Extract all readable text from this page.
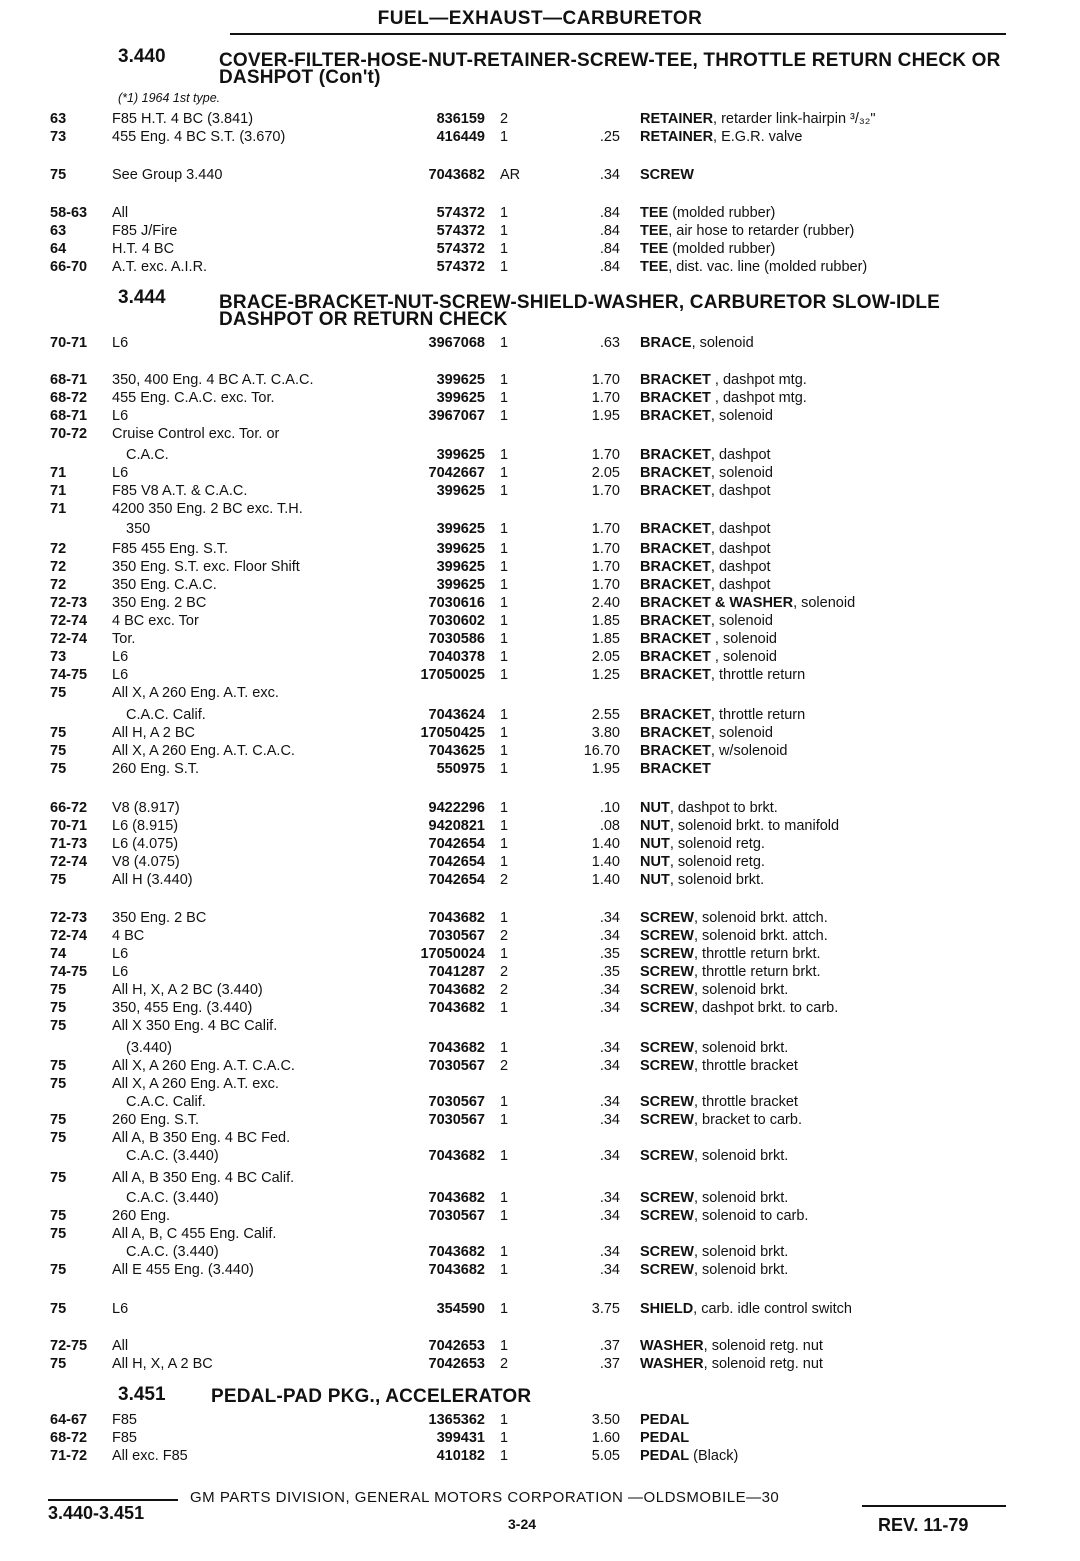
FUEL—EXHAUST—CARBURETOR
3.440	COVER-FILTER-HOSE-NUT-RETAINER-SCREW-TEE, THROTTLE RETURN CHECK OR DASHPOT (Con't)
(*1) 1964 1st type.
3.444	BRACE-BRACKET-NUT-SCREW-SHIELD-WASHER, CARBURETOR SLOW-IDLE DASHPOT OR RETURN CHECK
3.451 PEDAL-PAD PKG., ACCELERATOR
63	F85 H.T. 4 BC (3.841)	836159 2	RETAINER, retarder link-hairpin ³/₃₂"
73	455 Eng. 4 BC S.T. (3.670)	416449 1	.25 RETAINER, E.G.R. valve
75	See Group 3.440	7043682 AR	.34 SCREW
58-63	All	574372 1	.84 TEE (molded rubber)
63	F85 J/Fire	574372 1	.84 TEE, air hose to retarder (rubber)
64	H.T. 4 BC	574372 1	.84 TEE (molded rubber)
66-70	A.T. exc. A.I.R.	574372 1	.84 TEE, dist. vac. line (molded rubber)
70-71	L6	3967068 1	.63 BRACE, solenoid
68-71	350, 400 Eng. 4 BC A.T. C.A.C.	399625 1	1.70 BRACKET , dashpot mtg.
68-72	455 Eng. C.A.C. exc. Tor.	399625 1	1.70 BRACKET , dashpot mtg.
68-71	L6	3967067 1	1.95 BRACKET, solenoid
70-72	Cruise Control exc. Tor. or
C.A.C.	399625 1	1.70 BRACKET, dashpot
71	L6	7042667 1	2.05 BRACKET, solenoid
71	F85 V8 A.T. & C.A.C.	399625 1	1.70 BRACKET, dashpot
71	4200 350 Eng. 2 BC exc. T.H.
350	399625 1	1.70 BRACKET, dashpot
72	F85 455 Eng. S.T.	399625 1	1.70 BRACKET, dashpot
72	350 Eng. S.T. exc. Floor Shift	399625 1	1.70 BRACKET, dashpot
72	350 Eng. C.A.C.	399625 1	1.70 BRACKET, dashpot
72-73	350 Eng. 2 BC	7030616 1	2.40 BRACKET & WASHER, solenoid
72-74	4 BC exc. Tor	7030602 1	1.85 BRACKET, solenoid
72-74	Tor.	7030586 1	1.85 BRACKET , solenoid
73	L6	7040378 1	2.05 BRACKET , solenoid
74-75	L6	17050025 1	1.25 BRACKET, throttle return
75	All X, A 260 Eng. A.T. exc.
C.A.C. Calif.	7043624 1	2.55 BRACKET, throttle return
75	All H, A 2 BC	17050425 1	3.80 BRACKET, solenoid
75	All X, A 260 Eng. A.T. C.A.C.	7043625 1	16.70 BRACKET, w/solenoid
75	260 Eng. S.T.	550975 1	1.95 BRACKET
66-72	V8 (8.917)	9422296 1	.10 NUT, dashpot to brkt.
70-71	L6 (8.915)	9420821 1	.08 NUT, solenoid brkt. to manifold
71-73	L6 (4.075)	7042654 1	1.40 NUT, solenoid retg.
72-74	V8 (4.075)	7042654 1	1.40 NUT, solenoid retg.
75	All H (3.440)	7042654 2	1.40 NUT, solenoid brkt.
72-73	350 Eng. 2 BC	7043682 1	.34 SCREW, solenoid brkt. attch.
72-74	4 BC	7030567 2	.34 SCREW, solenoid brkt. attch.
74	L6	17050024 1	.35 SCREW, throttle return brkt.
74-75	L6	7041287 2	.35 SCREW, throttle return brkt.
75	All H, X, A 2 BC (3.440)	7043682 2	.34 SCREW, solenoid brkt.
75	350, 455 Eng. (3.440)	7043682 1	.34 SCREW, dashpot brkt. to carb.
75	All X 350 Eng. 4 BC Calif.
(3.440)	7043682 1	.34 SCREW, solenoid brkt.
75	All X, A 260 Eng. A.T. C.A.C.	7030567 2	.34 SCREW, throttle bracket
75	All X, A 260 Eng. A.T. exc.
C.A.C. Calif.	7030567 1	.34 SCREW, throttle bracket
75	260 Eng. S.T.	7030567 1	.34 SCREW, bracket to carb.
75	All A, B 350 Eng. 4 BC Fed.
C.A.C. (3.440)	7043682 1	.34 SCREW, solenoid brkt.
75	All A, B 350 Eng. 4 BC Calif.
C.A.C. (3.440)	7043682 1	.34 SCREW, solenoid brkt.
75	260 Eng.	7030567 1	.34 SCREW, solenoid to carb.
75	All A, B, C 455 Eng. Calif.
C.A.C. (3.440)	7043682 1	.34 SCREW, solenoid brkt.
75	All E 455 Eng. (3.440)	7043682 1	.34 SCREW, solenoid brkt.
75	L6	354590 1	3.75 SHIELD, carb. idle control switch
72-75	All	7042653 1	.37 WASHER, solenoid retg. nut
75	All H, X, A 2 BC	7042653 2	.37 WASHER, solenoid retg. nut
64-67	F85	1365362 1	3.50 PEDAL
68-72	F85	399431 1	1.60 PEDAL
71-72	All exc. F85	410182 1	5.05 PEDAL (Black)
GM PARTS DIVISION, GENERAL MOTORS CORPORATION —OLDSMOBILE—30
3.440-3.451
3-24	REV. 11-79
